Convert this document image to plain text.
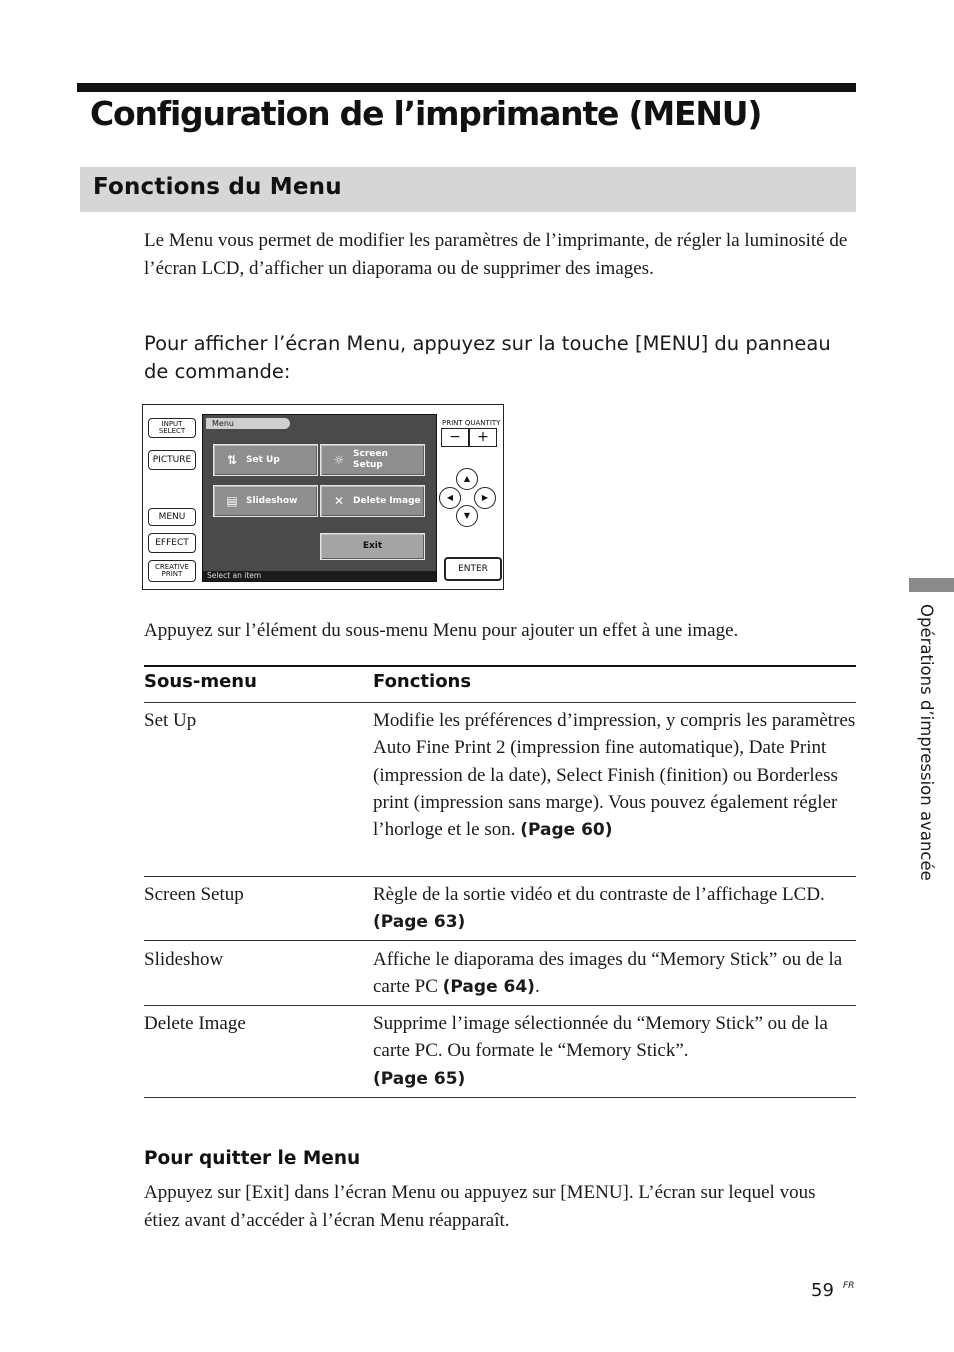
Configuration de l’imprimante (MENU)
Fonctions du Menu

Le Menu vous permet de modifier les paramètres de l’imprimante, de régler la luminosité de l’écran LCD, d’afficher un diaporama ou de supprimer des images.

Pour afficher l’écran Menu, appuyez sur la touche [MENU] du panneau de commande:

INPUT SELECT
PICTURE
MENU
EFFECT
CREATIVE PRINT
Menu
⇅ Set Up	☼ Screen Setup
▤ Slideshow	✕ Delete Image
Exit
Select an item
PRINT QUANTITY
−	+
▲
◀	▶
▼
ENTER

Appuyez sur l’élément du sous-menu Menu pour ajouter un effet à une image.

Sous-menu	Fonctions

Set Up	Modifie les préférences d’impression, y compris les paramètres Auto Fine Print 2 (impression fine automatique), Date Print (impression de la date), Select Finish (finition) ou Borderless print (impression sans marge). Vous pouvez également régler l’horloge et le son. (Page 60)

Screen Setup	Règle de la sortie vidéo et du contraste de l’affichage LCD.  (Page 63)

Slideshow	Affiche le diaporama des images du “Memory Stick” ou de la carte PC (Page 64).

Delete Image	Supprime l’image sélectionnée du “Memory Stick” ou de la carte PC. Ou formate le “Memory Stick”.
(Page 65)

Pour quitter le Menu

Appuyez sur [Exit] dans l’écran Menu ou appuyez sur [MENU]. L’écran sur lequel vous étiez avant d’accéder à l’écran Menu réapparaît.

Opérations d’impression avancée
59 FR
